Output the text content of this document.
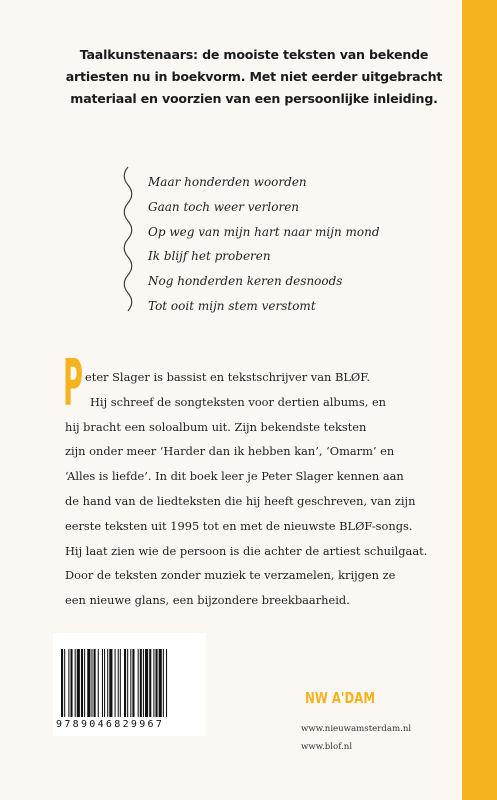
Taalkunstenaars: de mooiste teksten van bekende
artiesten nu in boekvorm. Met niet eerder uitgebracht
materiaal en voorzien van een persoonlijke inleiding.
Maar honderden woorden
Gaan toch weer verloren
Op weg van mijn hart naar mijn mond
Ik blijf het proberen
Nog honderden keren desnoods
Tot ooit mijn stem verstomt
P eter Slager is bassist en tekstschrijver van BLØF.
Hij schreef de songteksten voor dertien albums, en
hij bracht een soloalbum uit. Zijn bekendste teksten
zijn onder meer ‘Harder dan ik hebben kan’, ‘Omarm’ en
‘Alles is liefde’. In dit boek leer je Peter Slager kennen aan
de hand van de liedteksten die hij heeft geschreven, van zijn
eerste teksten uit 1995 tot en met de nieuwste BLØF-songs.
Hij laat zien wie de persoon is die achter de artiest schuilgaat.
Door de teksten zonder muziek te verzamelen, krijgen ze
een nieuwe glans, een bijzondere breekbaarheid.
9789046829967
NW A'DAM
www.nieuwamsterdam.nl
www.blof.nl
